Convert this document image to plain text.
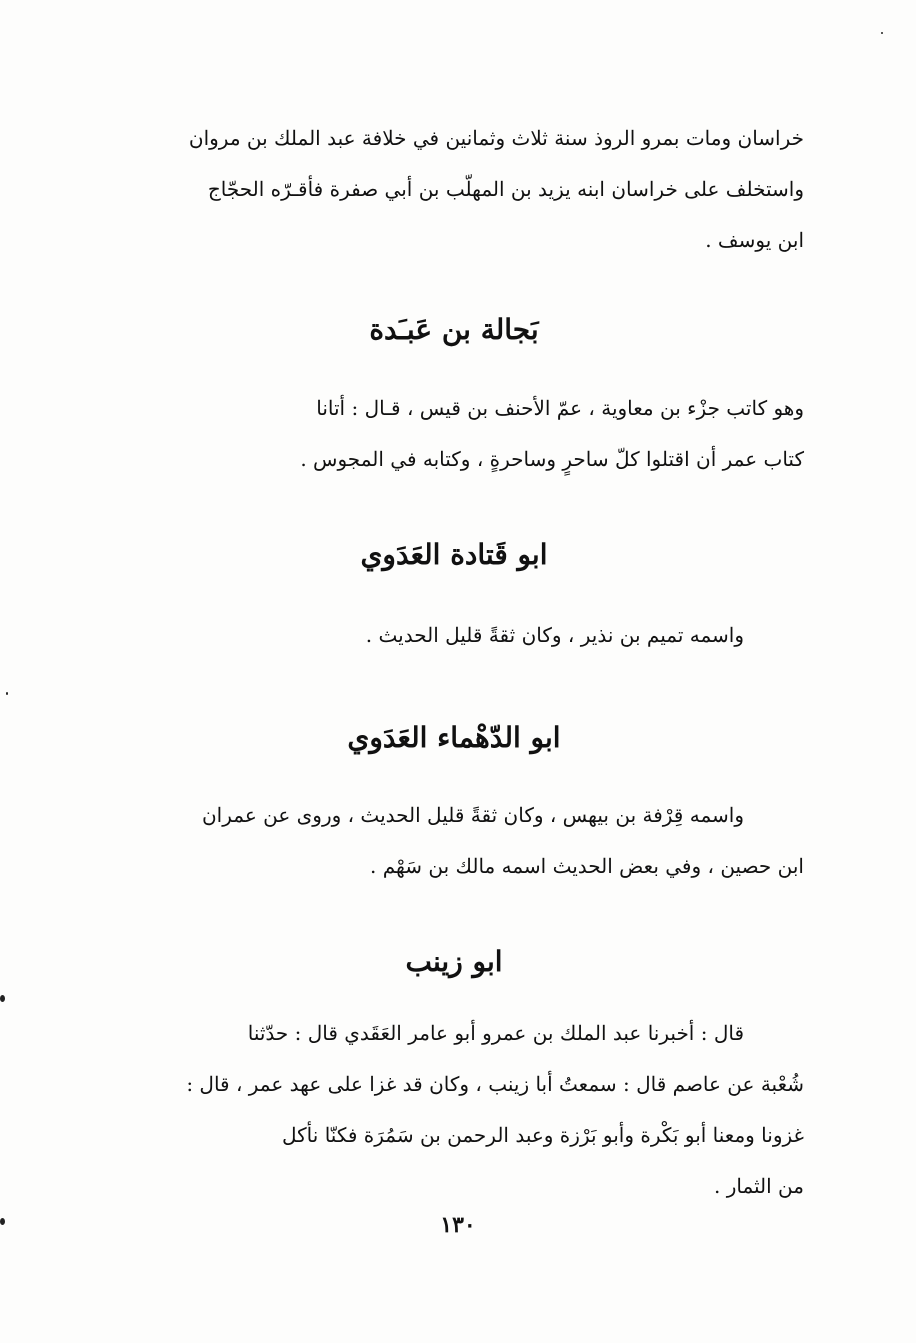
خراسان ومات بمرو الروذ سنة ثلاث وثمانين في خلافة عبد الملك بن مروان

واستخلف على خراسان ابنه يزيد بن المهلّب بن أبي صفرة فأقـرّه الحجّاج

ابن يوسف .

بَجالة بن عَبـَدة

وهو كاتب جزْء بن معاوية ، عمّ الأحنف بن قيس ، قـال : أتانا

كتاب عمر أن اقتلوا كلّ ساحرٍ وساحرةٍ ، وكتابه في المجوس .

ابو قَتادة العَدَوي

واسمه تميم بن نذير ، وكان ثقةً قليل الحديث .

ابو الدّهْماء العَدَوي

واسمه قِرْفة بن بيهس ، وكان ثقةً قليل الحديث ، وروى عن عمران

ابن حصين ، وفي بعض الحديث اسمه مالك بن سَهْم .

ابو زينب

قال : أخبرنا عبد الملك بن عمرو أبو عامر العَقَدي قال : حدّثنا

شُعْبة عن عاصم قال : سمعتُ أبا زينب ، وكان قد غزا على عهد عمر ، قال :

غزونا ومعنا أبو بَكْرة وأبو بَرْزة وعبد الرحمن بن سَمُرَة فكنّا نأكل

من الثمار .

١٣٠
